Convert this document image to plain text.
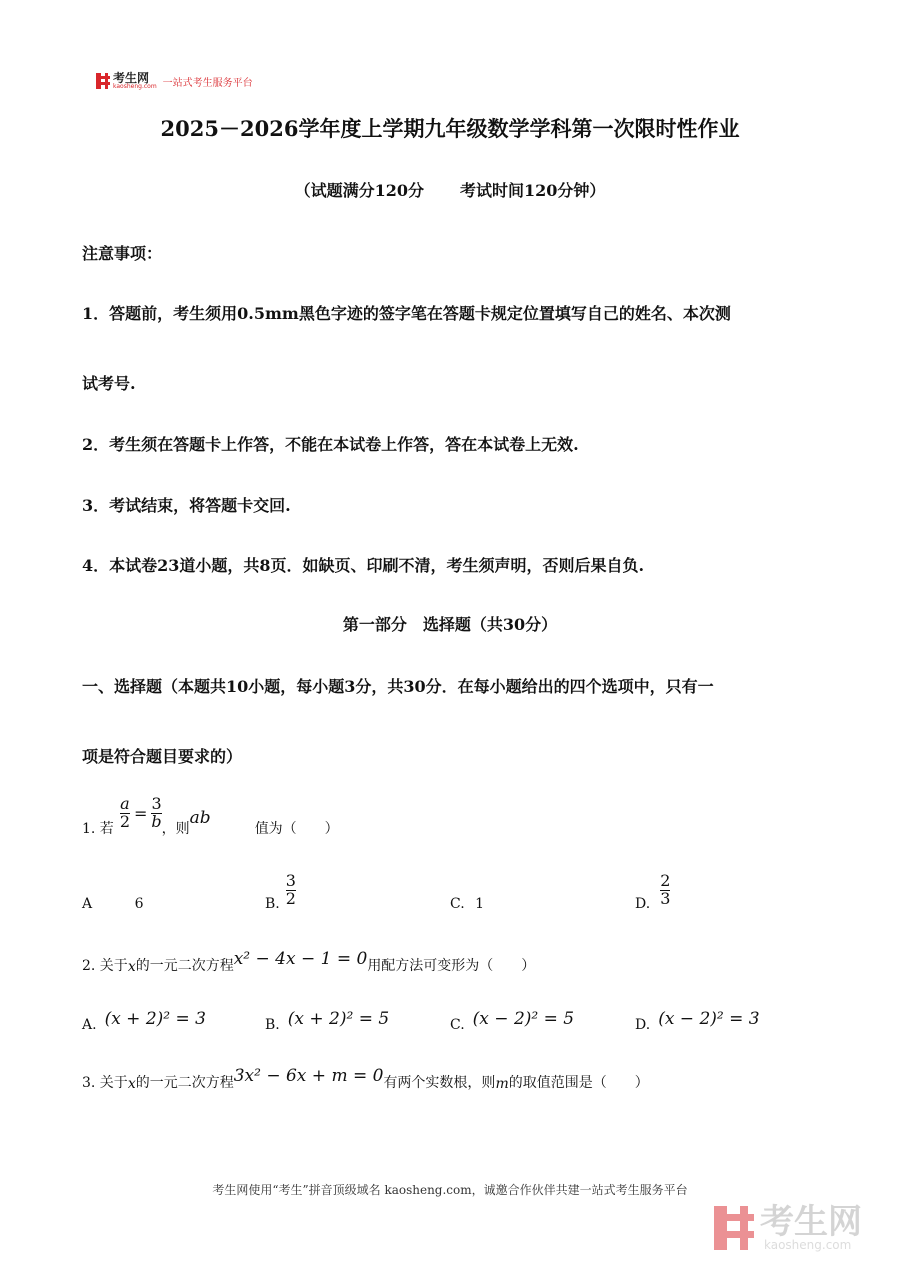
考生网
kaosheng.com 一站式考生服务平台
2025－2026学年度上学期九年级数学学科第一次限时性作业
（试题满分120分 考试时间120分钟）
注意事项：
1．答题前，考生须用0.5mm黑色字迹的签字笔在答题卡规定位置填写自己的姓名、本次测
试考号.
2．考生须在答题卡上作答，不能在本试卷上作答，答在本试卷上无效.
3．考试结束，将答题卡交回.
4．本试卷23道小题，共8页．如缺页、印刷不清，考生须声明，否则后果自负.
第一部分　选择题（共30分）
一、选择题（本题共10小题，每小题3分，共30分．在每小题给出的四个选项中，只有一
项是符合题目要求的）
1. 若 $\frac{a}{2} = \frac{3}{b}$ ，则
ab
值为（　　）
A	6	B. $\frac{3}{2}$	C. 1	D. $\frac{2}{3}$
2. 关于 x 的一元二次方程 x² − 4x − 1 = 0 用配方法可变形为（　　）
A. (x + 2)² = 3	B. (x + 2)² = 5	C. (x − 2)² = 5	D. (x − 2)² = 3
3. 关于 x 的一元二次方程 3x² − 6x + m = 0 有两个实数根，则 m 的取值范围是（　　）
考生网使用“考生”拼音顶级域名 kaosheng.com，诚邀合作伙伴共建一站式考生服务平台
考生网
kaosheng.com
